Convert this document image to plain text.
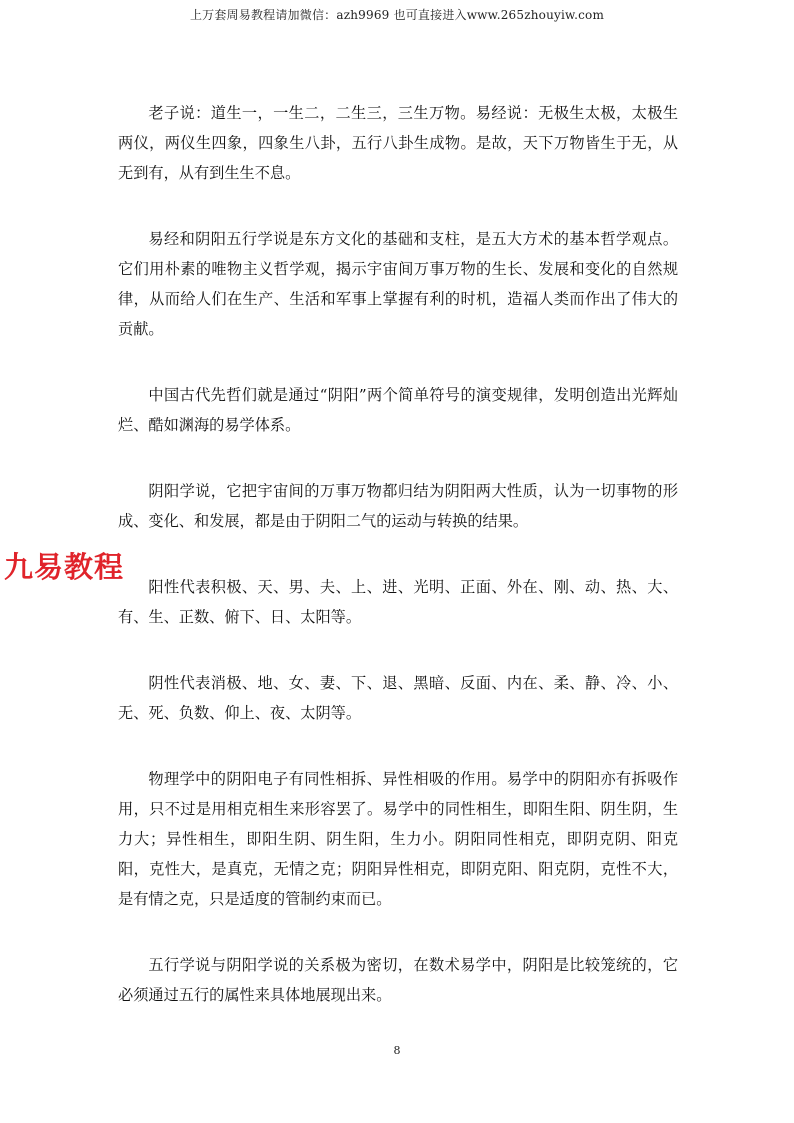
上万套周易教程请加微信：azh9969 也可直接进入www.265zhouyiw.com

老子说：道生一，一生二，二生三，三生万物。易经说：无极生太极，太极生两仪，两仪生四象，四象生八卦，五行八卦生成物。是故，天下万物皆生于无，从无到有，从有到生生不息。

易经和阴阳五行学说是东方文化的基础和支柱，是五大方术的基本哲学观点。它们用朴素的唯物主义哲学观，揭示宇宙间万事万物的生长、发展和变化的自然规律，从而给人们在生产、生活和军事上掌握有利的时机，造福人类而作出了伟大的贡献。

中国古代先哲们就是通过“阴阳”两个简单符号的演变规律，发明创造出光辉灿烂、酷如渊海的易学体系。

阴阳学说，它把宇宙间的万事万物都归结为阴阳两大性质，认为一切事物的形成、变化、和发展，都是由于阴阳二气的运动与转换的结果。

阳性代表积极、天、男、夫、上、进、光明、正面、外在、刚、动、热、大、有、生、正数、俯下、日、太阳等。

阴性代表消极、地、女、妻、下、退、黑暗、反面、内在、柔、静、冷、小、无、死、负数、仰上、夜、太阴等。

物理学中的阴阳电子有同性相拆、异性相吸的作用。易学中的阴阳亦有拆吸作用，只不过是用相克相生来形容罢了。易学中的同性相生，即阳生阳、阴生阴，生力大；异性相生，即阳生阴、阴生阳，生力小。阴阳同性相克，即阴克阴、阳克阳，克性大，是真克，无情之克；阴阳异性相克，即阴克阳、阳克阴，克性不大，是有情之克，只是适度的管制约束而已。

五行学说与阴阳学说的关系极为密切，在数术易学中，阴阳是比较笼统的，它必须通过五行的属性来具体地展现出来。

九易教程
8
